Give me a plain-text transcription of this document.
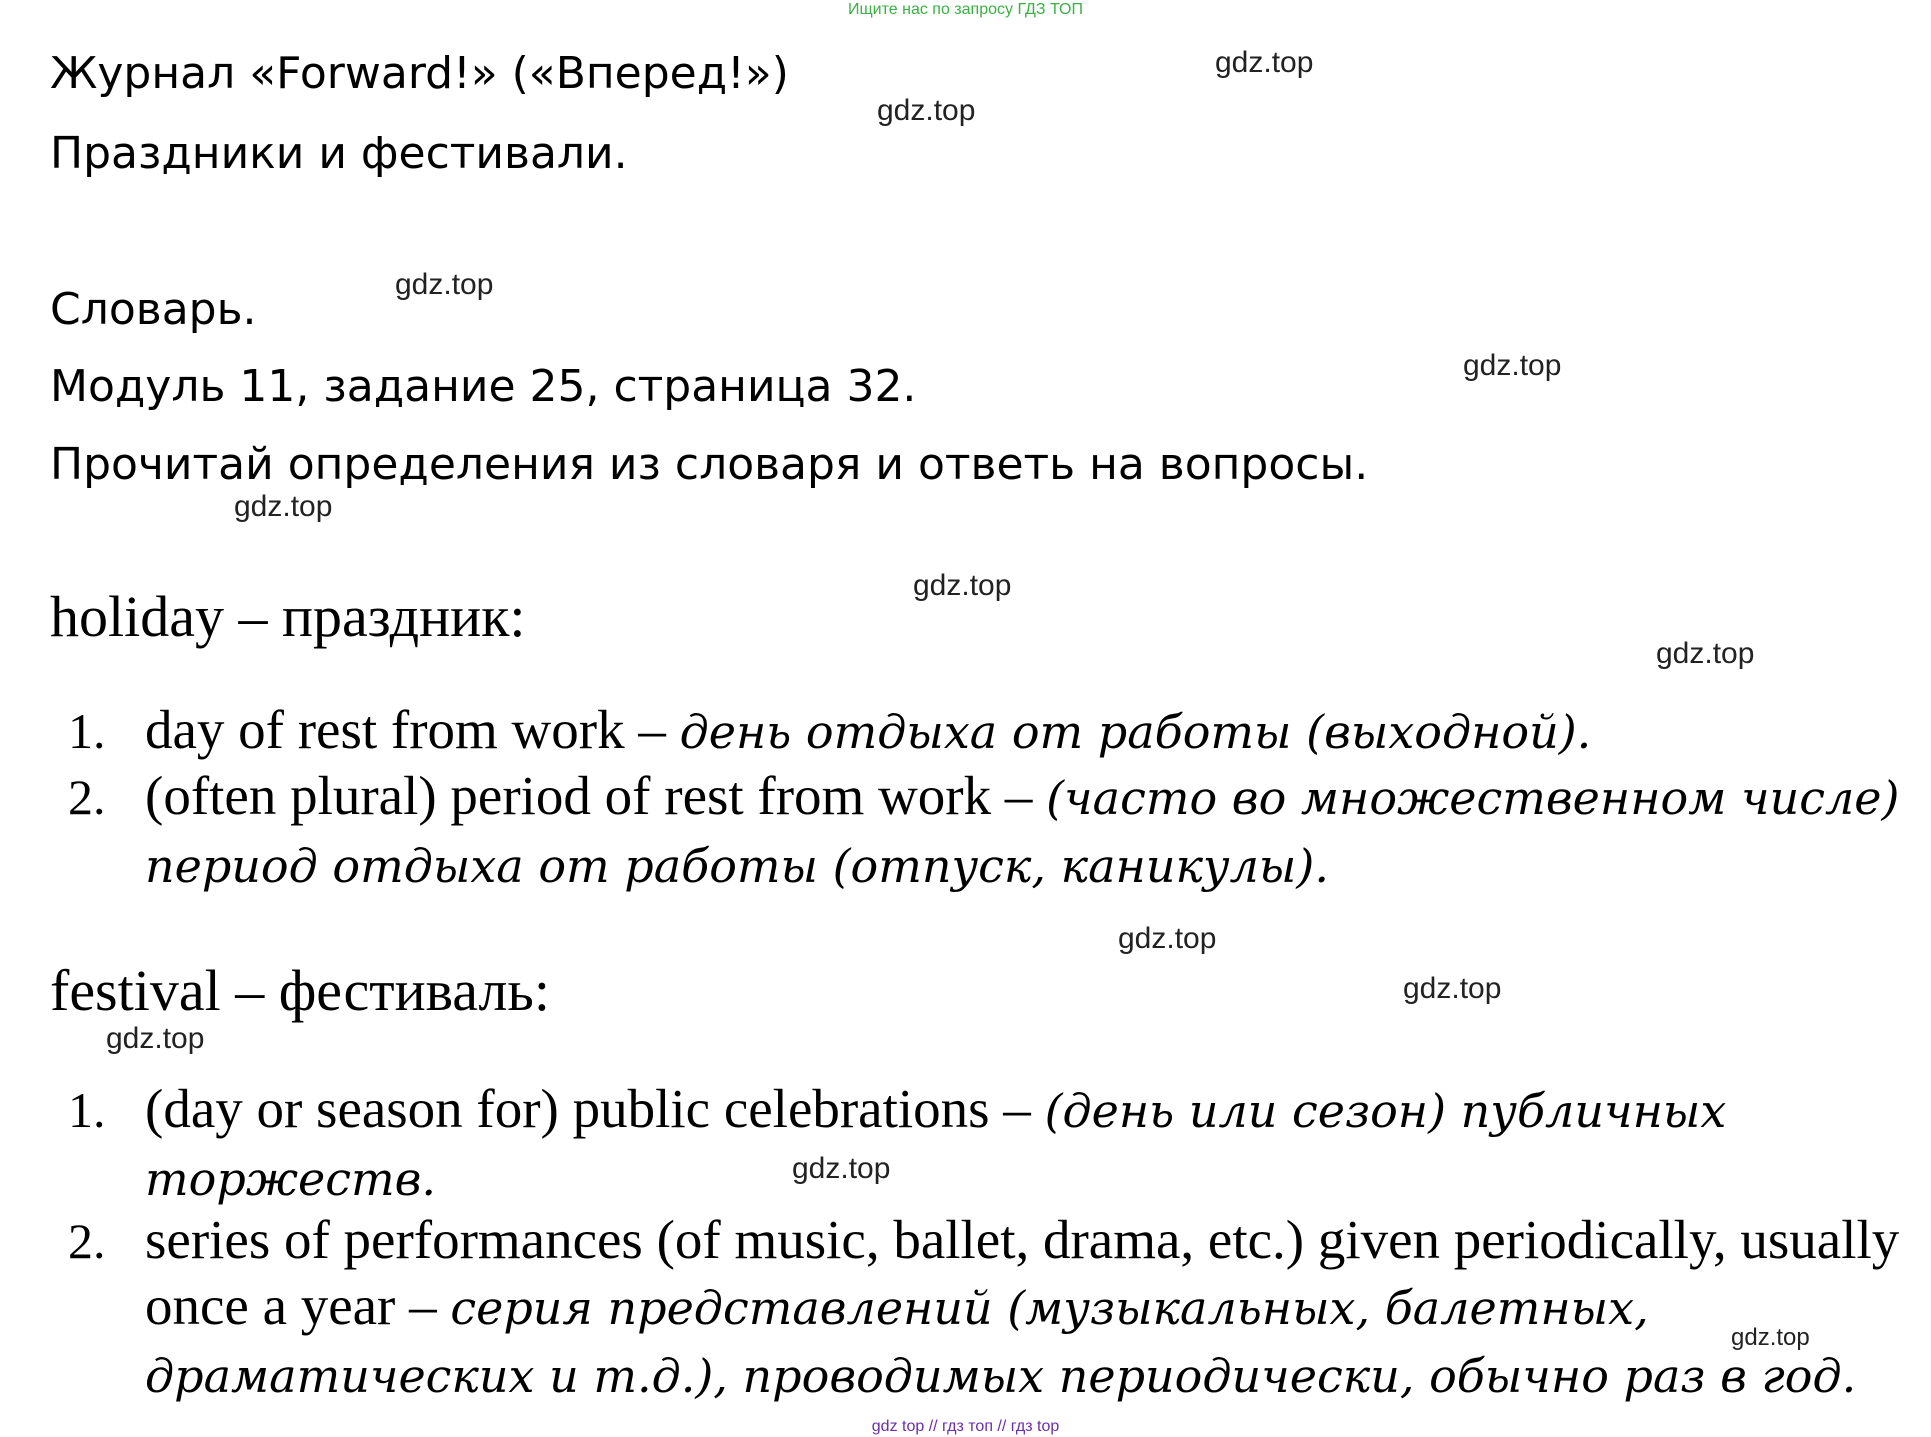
Ищите нас по запросу ГДЗ ТОП
Журнал «Forward!» («Вперед!»)
Праздники и фестивали.
Словарь.
Модуль 11, задание 25, страница 32.
Прочитай определения из словаря и ответь на вопросы.
holiday – праздник:
1. day of rest from work – день отдыха от работы (выходной).
2. (often plural) period of rest from work – (часто во множественном числе) период отдыха от работы (отпуск, каникулы).
festival – фестиваль:
1. (day or season for) public celebrations – (день или сезон) публичных торжеств.
2. series of performances (of music, ballet, drama, etc.) given periodically, usually once a year – серия представлений (музыкальных, балетных, драматических и т.д.), проводимых периодически, обычно раз в год.
gdz.top
gdz.top
gdz.top
gdz.top
gdz.top
gdz.top
gdz.top
gdz.top
gdz.top
gdz.top
gdz.top
gdz.top
gdz top // гдз топ // гдз top
